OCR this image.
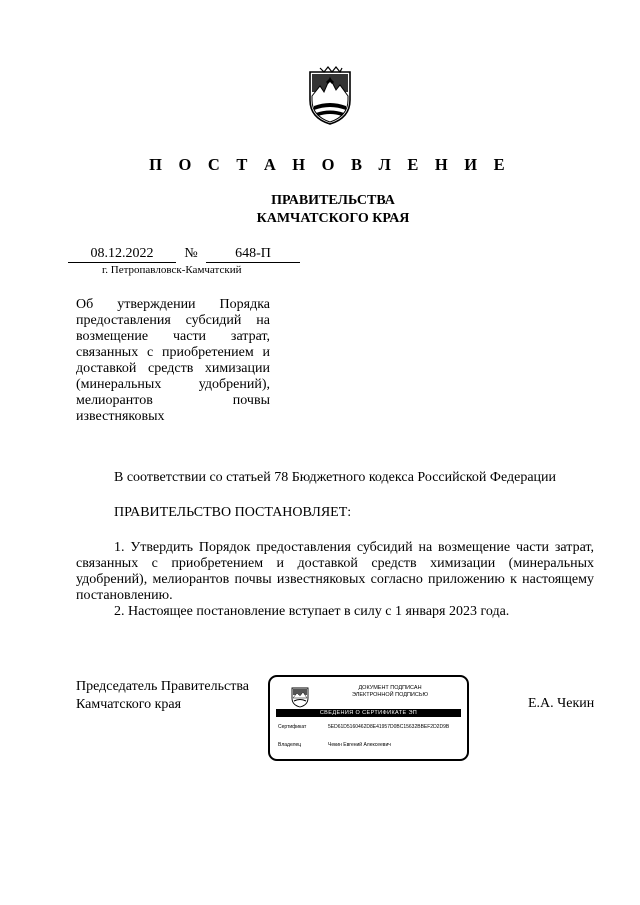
П О С Т А Н О В Л Е Н И Е
ПРАВИТЕЛЬСТВА
КАМЧАТСКОГО КРАЯ
08.12.2022 №	648-П
г. Петропавловск-Камчатский
Об утверждении Порядка
предоставления субсидий на
возмещение части затрат,
связанных с приобретением и
доставкой средств химизации
(минеральных удобрений),
мелиорантов почвы
известняковых
В соответствии со статьей 78 Бюджетного кодекса Российской Федерации
ПРАВИТЕЛЬСТВО ПОСТАНОВЛЯЕТ:

1. Утвердить Порядок предоставления субсидий на возмещение части затрат, связанных с приобретением и доставкой средств химизации (минеральных удобрений), мелиорантов почвы известняковых согласно приложению к настоящему постановлению.

2. Настоящее постановление вступает в силу с 1 января 2023 года.

Председатель Правительства
Камчатского края	Е.А. Чекин
ДОКУМЕНТ ПОДПИСАН
ЭЛЕКТРОННОЙ ПОДПИСЬЮ
СВЕДЕНИЯ О СЕРТИФИКАТЕ ЭП
Сертификат	5ED61D5160462D8E41957D0BC15632BBEF2D2D9B
Владелец	Чекин Евгений Алексеевич
